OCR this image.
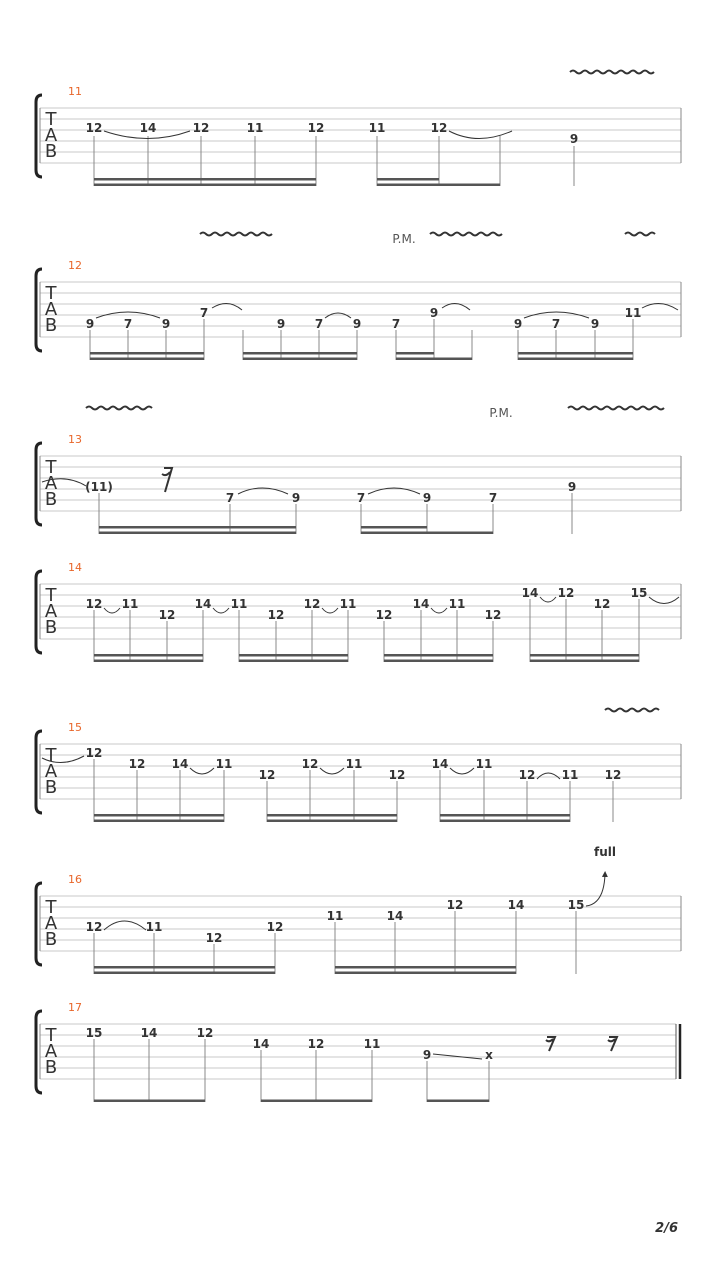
11
T
A
B
12	14	12	11	12	11	12
9
12
T
A
B
P.M.
9 7 9
7
9 7 9	7
9
9 7	9
11
13
T
A
B
P.M.
(11)
7	9	7	9	7
9
14
T
A
B
12 11
12
14 11
12
12 11
12
14 11
12
14 12
12
15
15
T
A
B
12
12 14 11
12
12 11
12
14 11
12 11 12
16
T
A
B
full
12	11
12
12
11	14
12	14	15
17
T
A
B
15	14	12
14	12	11
9	x
2/6
